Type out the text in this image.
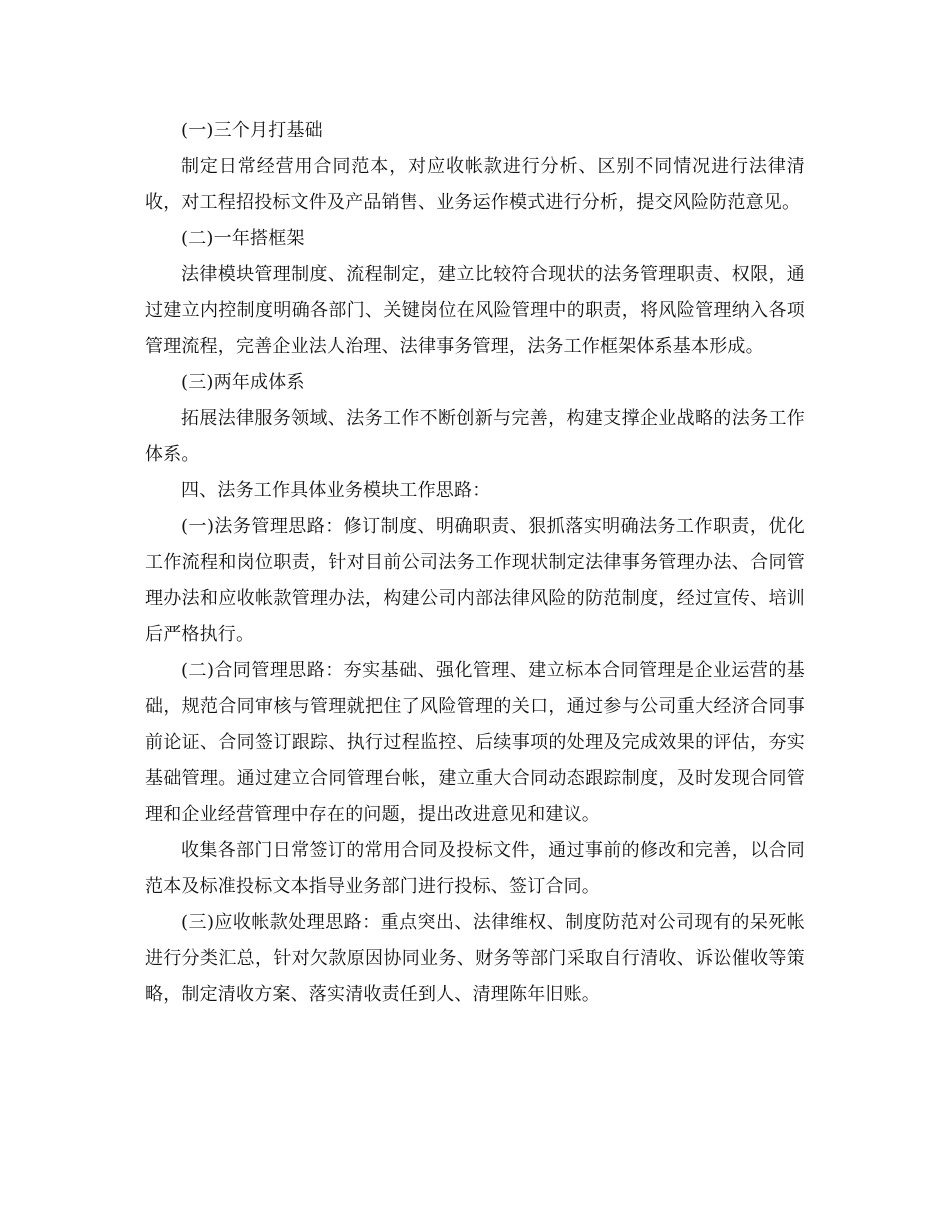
(一)三个月打基础

制定日常经营用合同范本，对应收帐款进行分析、区别不同情况进行法律清收，对工程招投标文件及产品销售、业务运作模式进行分析，提交风险防范意见。

(二)一年搭框架

法律模块管理制度、流程制定，建立比较符合现状的法务管理职责、权限，通过建立内控制度明确各部门、关键岗位在风险管理中的职责，将风险管理纳入各项管理流程，完善企业法人治理、法律事务管理，法务工作框架体系基本形成。

(三)两年成体系

拓展法律服务领域、法务工作不断创新与完善，构建支撑企业战略的法务工作体系。

四、法务工作具体业务模块工作思路：

(一)法务管理思路：修订制度、明确职责、狠抓落实明确法务工作职责，优化工作流程和岗位职责，针对目前公司法务工作现状制定法律事务管理办法、合同管理办法和应收帐款管理办法，构建公司内部法律风险的防范制度，经过宣传、培训后严格执行。

(二)合同管理思路：夯实基础、强化管理、建立标本合同管理是企业运营的基础，规范合同审核与管理就把住了风险管理的关口，通过参与公司重大经济合同事前论证、合同签订跟踪、执行过程监控、后续事项的处理及完成效果的评估，夯实基础管理。通过建立合同管理台帐，建立重大合同动态跟踪制度，及时发现合同管理和企业经营管理中存在的问题，提出改进意见和建议。

收集各部门日常签订的常用合同及投标文件，通过事前的修改和完善，以合同范本及标准投标文本指导业务部门进行投标、签订合同。

(三)应收帐款处理思路：重点突出、法律维权、制度防范对公司现有的呆死帐进行分类汇总，针对欠款原因协同业务、财务等部门采取自行清收、诉讼催收等策略，制定清收方案、落实清收责任到人、清理陈年旧账。
